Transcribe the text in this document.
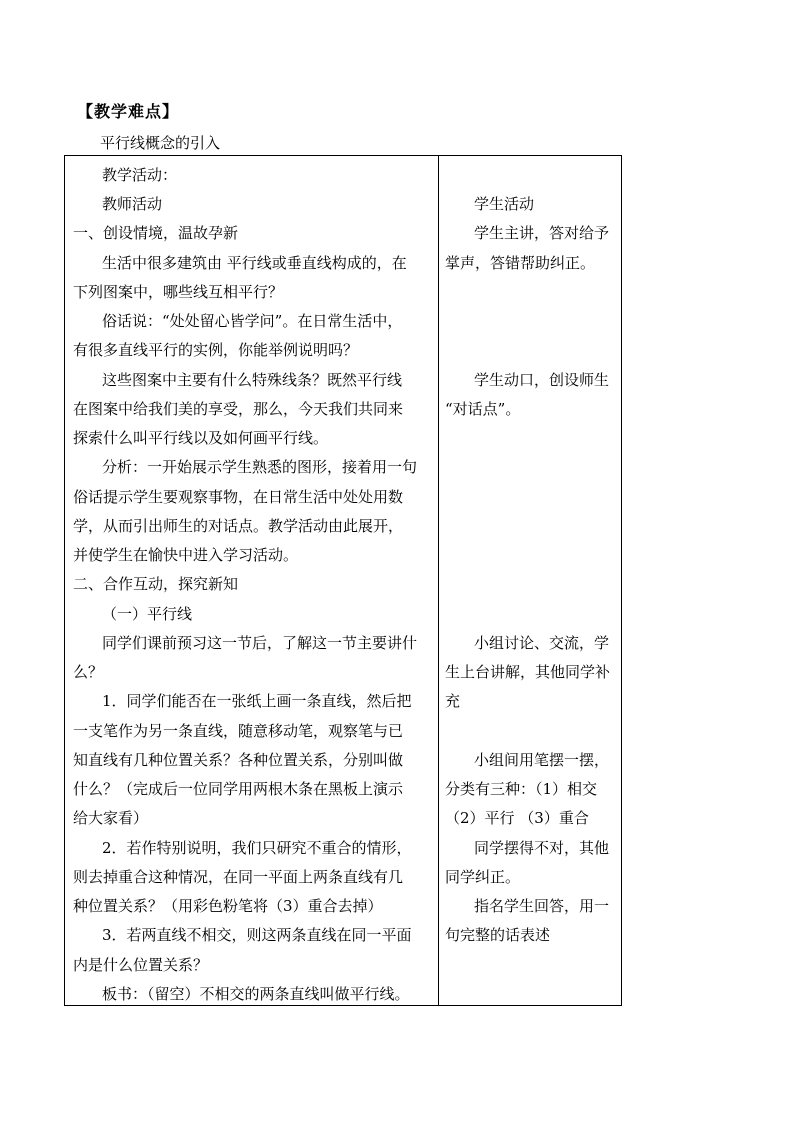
【教学难点】
平行线概念的引入
教学活动：
教师活动
一、创设情境，温故孕新
生活中很多建筑由 平行线或垂直线构成的，在
下列图案中，哪些线互相平行？
俗话说：“处处留心皆学问”。在日常生活中，
有很多直线平行的实例，你能举例说明吗？
这些图案中主要有什么特殊线条？既然平行线
在图案中给我们美的享受，那么，今天我们共同来
探索什么叫平行线以及如何画平行线。
分析：一开始展示学生熟悉的图形，接着用一句
俗话提示学生要观察事物，在日常生活中处处用数
学，从而引出师生的对话点。教学活动由此展开，
并使学生在愉快中进入学习活动。
二、合作互动，探究新知
（一）平行线
同学们课前预习这一节后，了解这一节主要讲什
么？
1．同学们能否在一张纸上画一条直线，然后把
一支笔作为另一条直线，随意移动笔，观察笔与已
知直线有几种位置关系？各种位置关系，分别叫做
什么？（完成后一位同学用两根木条在黑板上演示
给大家看）
2．若作特别说明，我们只研究不重合的情形，
则去掉重合这种情况，在同一平面上两条直线有几
种位置关系？（用彩色粉笔将（3）重合去掉）
3．若两直线不相交，则这两条直线在同一平面
内是什么位置关系？
板书：（留空）不相交的两条直线叫做平行线。
学生活动
学生主讲，答对给予
掌声，答错帮助纠正。
学生动口，创设师生
“对话点”。
小组讨论、交流，学
生上台讲解，其他同学补
充
小组间用笔摆一摆，
分类有三种：（1）相交
（2）平行 （3）重合
同学摆得不对，其他
同学纠正。
指名学生回答，用一
句完整的话表述
